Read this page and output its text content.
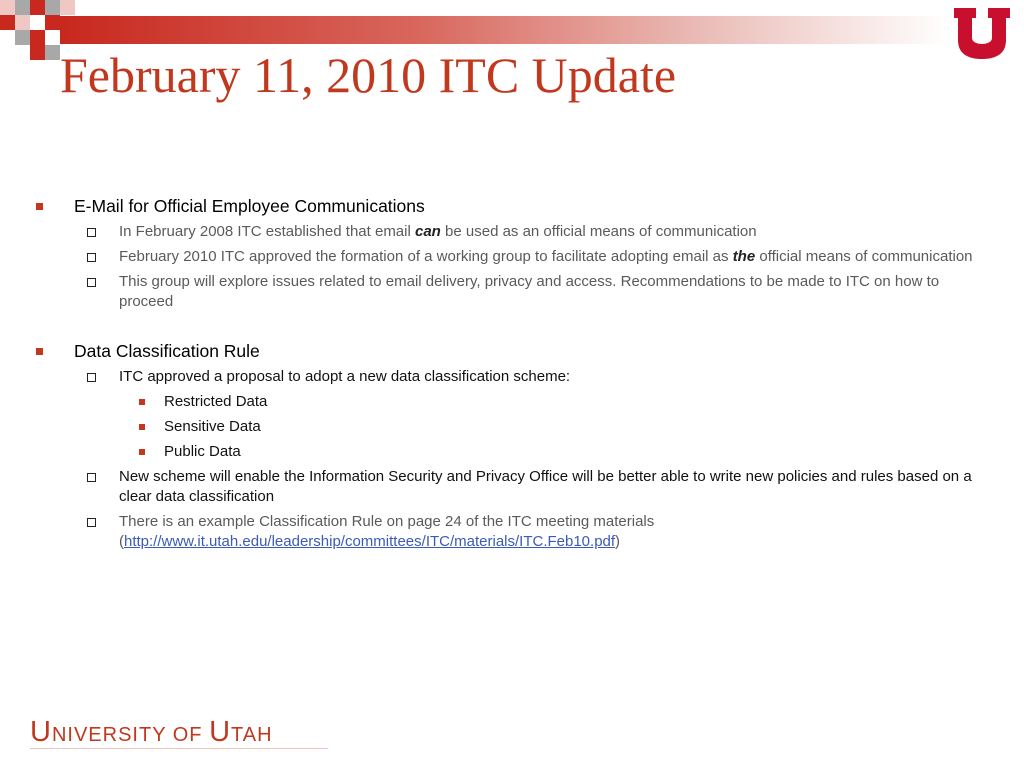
February 11, 2010 ITC Update
E-Mail for Official Employee Communications
In February 2008 ITC established that email can be used as an official means of communication
February 2010 ITC approved the formation of a working group to facilitate adopting email as the official means of communication
This group will explore issues related to email delivery, privacy and access. Recommendations to be made to ITC on how to proceed
Data Classification Rule
ITC approved a proposal to adopt a new data classification scheme:
Restricted Data
Sensitive Data
Public Data
New scheme will enable the Information Security and Privacy Office will be better able to write new policies and rules based on a clear data classification
There is an example Classification Rule on page 24 of the ITC meeting materials (http://www.it.utah.edu/leadership/committees/ITC/materials/ITC.Feb10.pdf)
UNIVERSITY OF UTAH
